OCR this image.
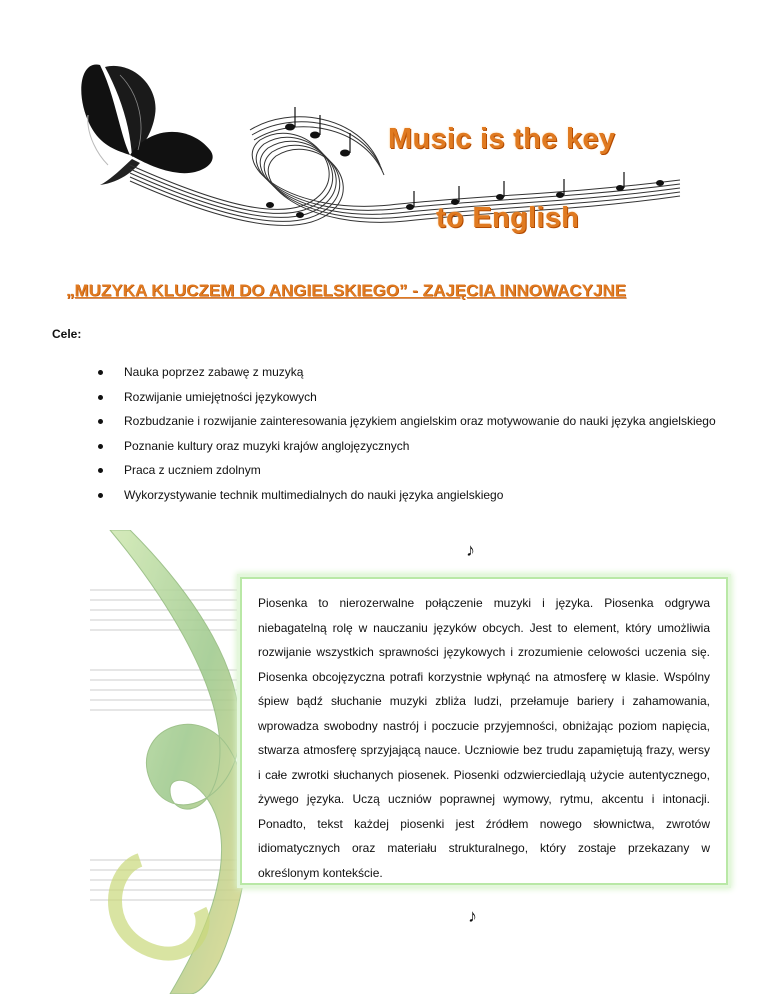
Music is the key
to English
„MUZYKA KLUCZEM DO ANGIELSKIEGO” - ZAJĘCIA INNOWACYJNE
Cele:
Nauka poprzez zabawę z muzyką
Rozwijanie umiejętności językowych
Rozbudzanie i rozwijanie zainteresowania językiem angielskim oraz motywowanie do nauki języka angielskiego
Poznanie kultury oraz muzyki krajów anglojęzycznych
Praca z uczniem zdolnym
Wykorzystywanie technik multimedialnych do nauki języka angielskiego
♪

Piosenka to nierozerwalne połączenie muzyki i języka. Piosenka odgrywa niebagatelną rolę w nauczaniu języków obcych. Jest to element, który umożliwia rozwijanie wszystkich sprawności językowych i zrozumienie celowości uczenia się. Piosenka obcojęzyczna potrafi korzystnie wpłynąć na atmosferę w klasie. Wspólny śpiew bądź słuchanie muzyki zbliża ludzi, przełamuje bariery i zahamowania, wprowadza swobodny nastrój i poczucie przyjemności, obniżając poziom napięcia, stwarza atmosferę sprzyjającą nauce. Uczniowie bez trudu zapamiętują frazy, wersy i całe zwrotki słuchanych piosenek. Piosenki odzwierciedlają użycie autentycznego, żywego języka. Uczą uczniów poprawnej wymowy, rytmu, akcentu i intonacji. Ponadto, tekst każdej piosenki jest źródłem nowego słownictwa, zwrotów idiomatycznych oraz materiału strukturalnego, który zostaje przekazany w określonym kontekście.

♪
